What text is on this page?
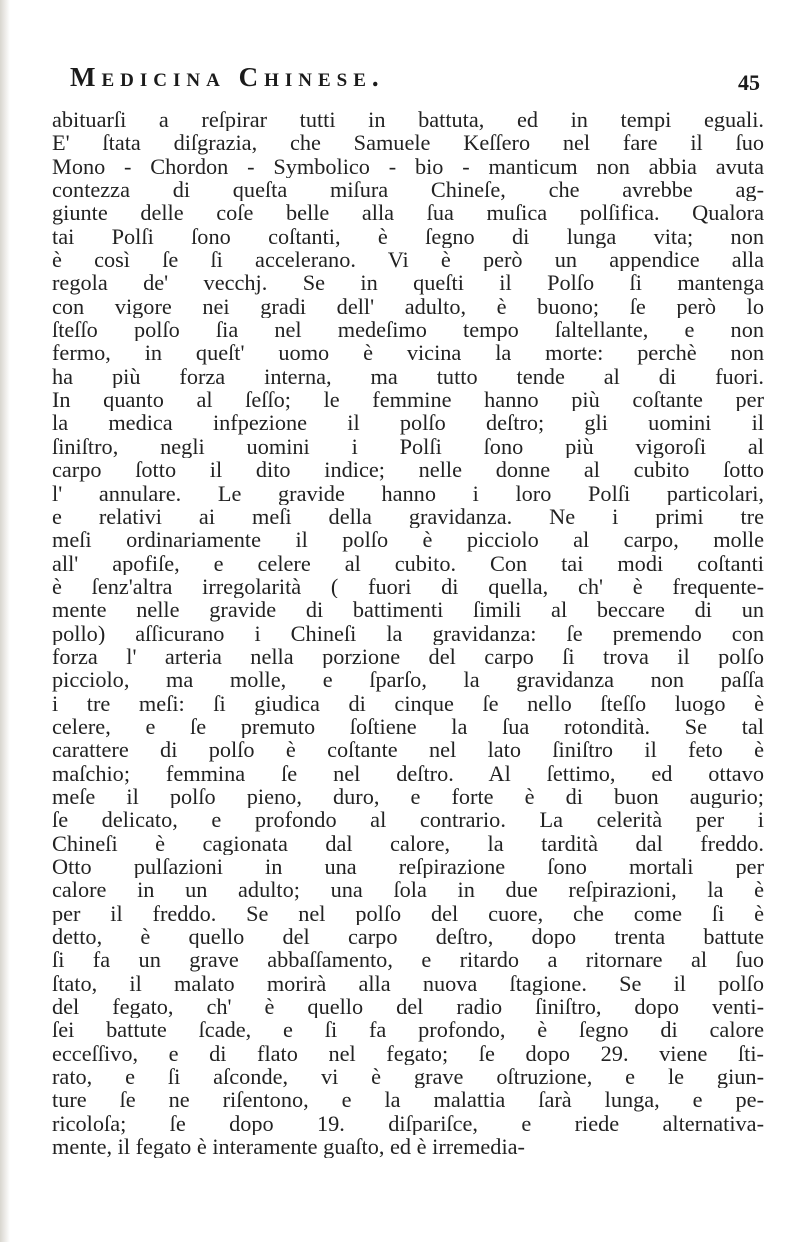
Medicina Chinese.	45
abituarſi a reſpirar tutti in battuta, ed in tempi eguali.
E' ſtata diſgrazia, che Samuele Keſſero nel fare il ſuo
Mono - Chordon - Symbolico - bio - manticum non abbia avuta
contezza di queſta miſura Chineſe, che avrebbe ag-
giunte delle coſe belle alla ſua muſica polſifica. Qualora
tai Polſi ſono coſtanti, è ſegno di lunga vita; non
è così ſe ſi accelerano. Vi è però un appendice alla
regola de' vecchj. Se in queſti il Polſo ſi mantenga
con vigore nei gradi dell' adulto, è buono; ſe però lo
ſteſſo polſo ſia nel medeſimo tempo ſaltellante, e non
fermo, in queſt' uomo è vicina la morte: perchè non
ha più forza interna, ma tutto tende al di fuori.
In quanto al ſeſſo; le femmine hanno più coſtante per
la medica infpezione il polſo deſtro; gli uomini il
ſiniſtro, negli uomini i Polſi ſono più vigoroſi al
carpo ſotto il dito indice; nelle donne al cubito ſotto
l' annulare. Le gravide hanno i loro Polſi particolari,
e relativi ai meſi della gravidanza. Ne i primi tre
meſi ordinariamente il polſo è picciolo al carpo, molle
all' apofiſe, e celere al cubito. Con tai modi coſtanti
è ſenz'altra irregolarità ( fuori di quella, ch' è frequente-
mente nelle gravide di battimenti ſimili al beccare di un
pollo) aſſicurano i Chineſi la gravidanza: ſe premendo con
forza l' arteria nella porzione del carpo ſi trova il polſo
picciolo, ma molle, e ſparſo, la gravidanza non paſſa
i tre meſi: ſi giudica di cinque ſe nello ſteſſo luogo è
celere, e ſe premuto ſoſtiene la ſua rotondità. Se tal
carattere di polſo è coſtante nel lato ſiniſtro il feto è
maſchio; femmina ſe nel deſtro. Al ſettimo, ed ottavo
meſe il polſo pieno, duro, e forte è di buon augurio;
ſe delicato, e profondo al contrario. La celerità per i
Chineſi è cagionata dal calore, la tardità dal freddo.
Otto pulſazioni in una reſpirazione ſono mortali per
calore in un adulto; una ſola in due reſpirazioni, la è
per il freddo. Se nel polſo del cuore, che come ſi è
detto, è quello del carpo deſtro, dopo trenta battute
ſi fa un grave abbaſſamento, e ritardo a ritornare al ſuo
ſtato, il malato morirà alla nuova ſtagione. Se il polſo
del fegato, ch' è quello del radio ſiniſtro, dopo venti-
ſei battute ſcade, e ſi fa profondo, è ſegno di calore
ecceſſivo, e di flato nel fegato; ſe dopo 29. viene ſti-
rato, e ſi aſconde, vi è grave oſtruzione, e le giun-
ture ſe ne riſentono, e la malattia ſarà lunga, e pe-
ricoloſa; ſe dopo 19. diſpariſce, e riede alternativa-
mente, il fegato è interamente guaſto, ed è irremedia-
